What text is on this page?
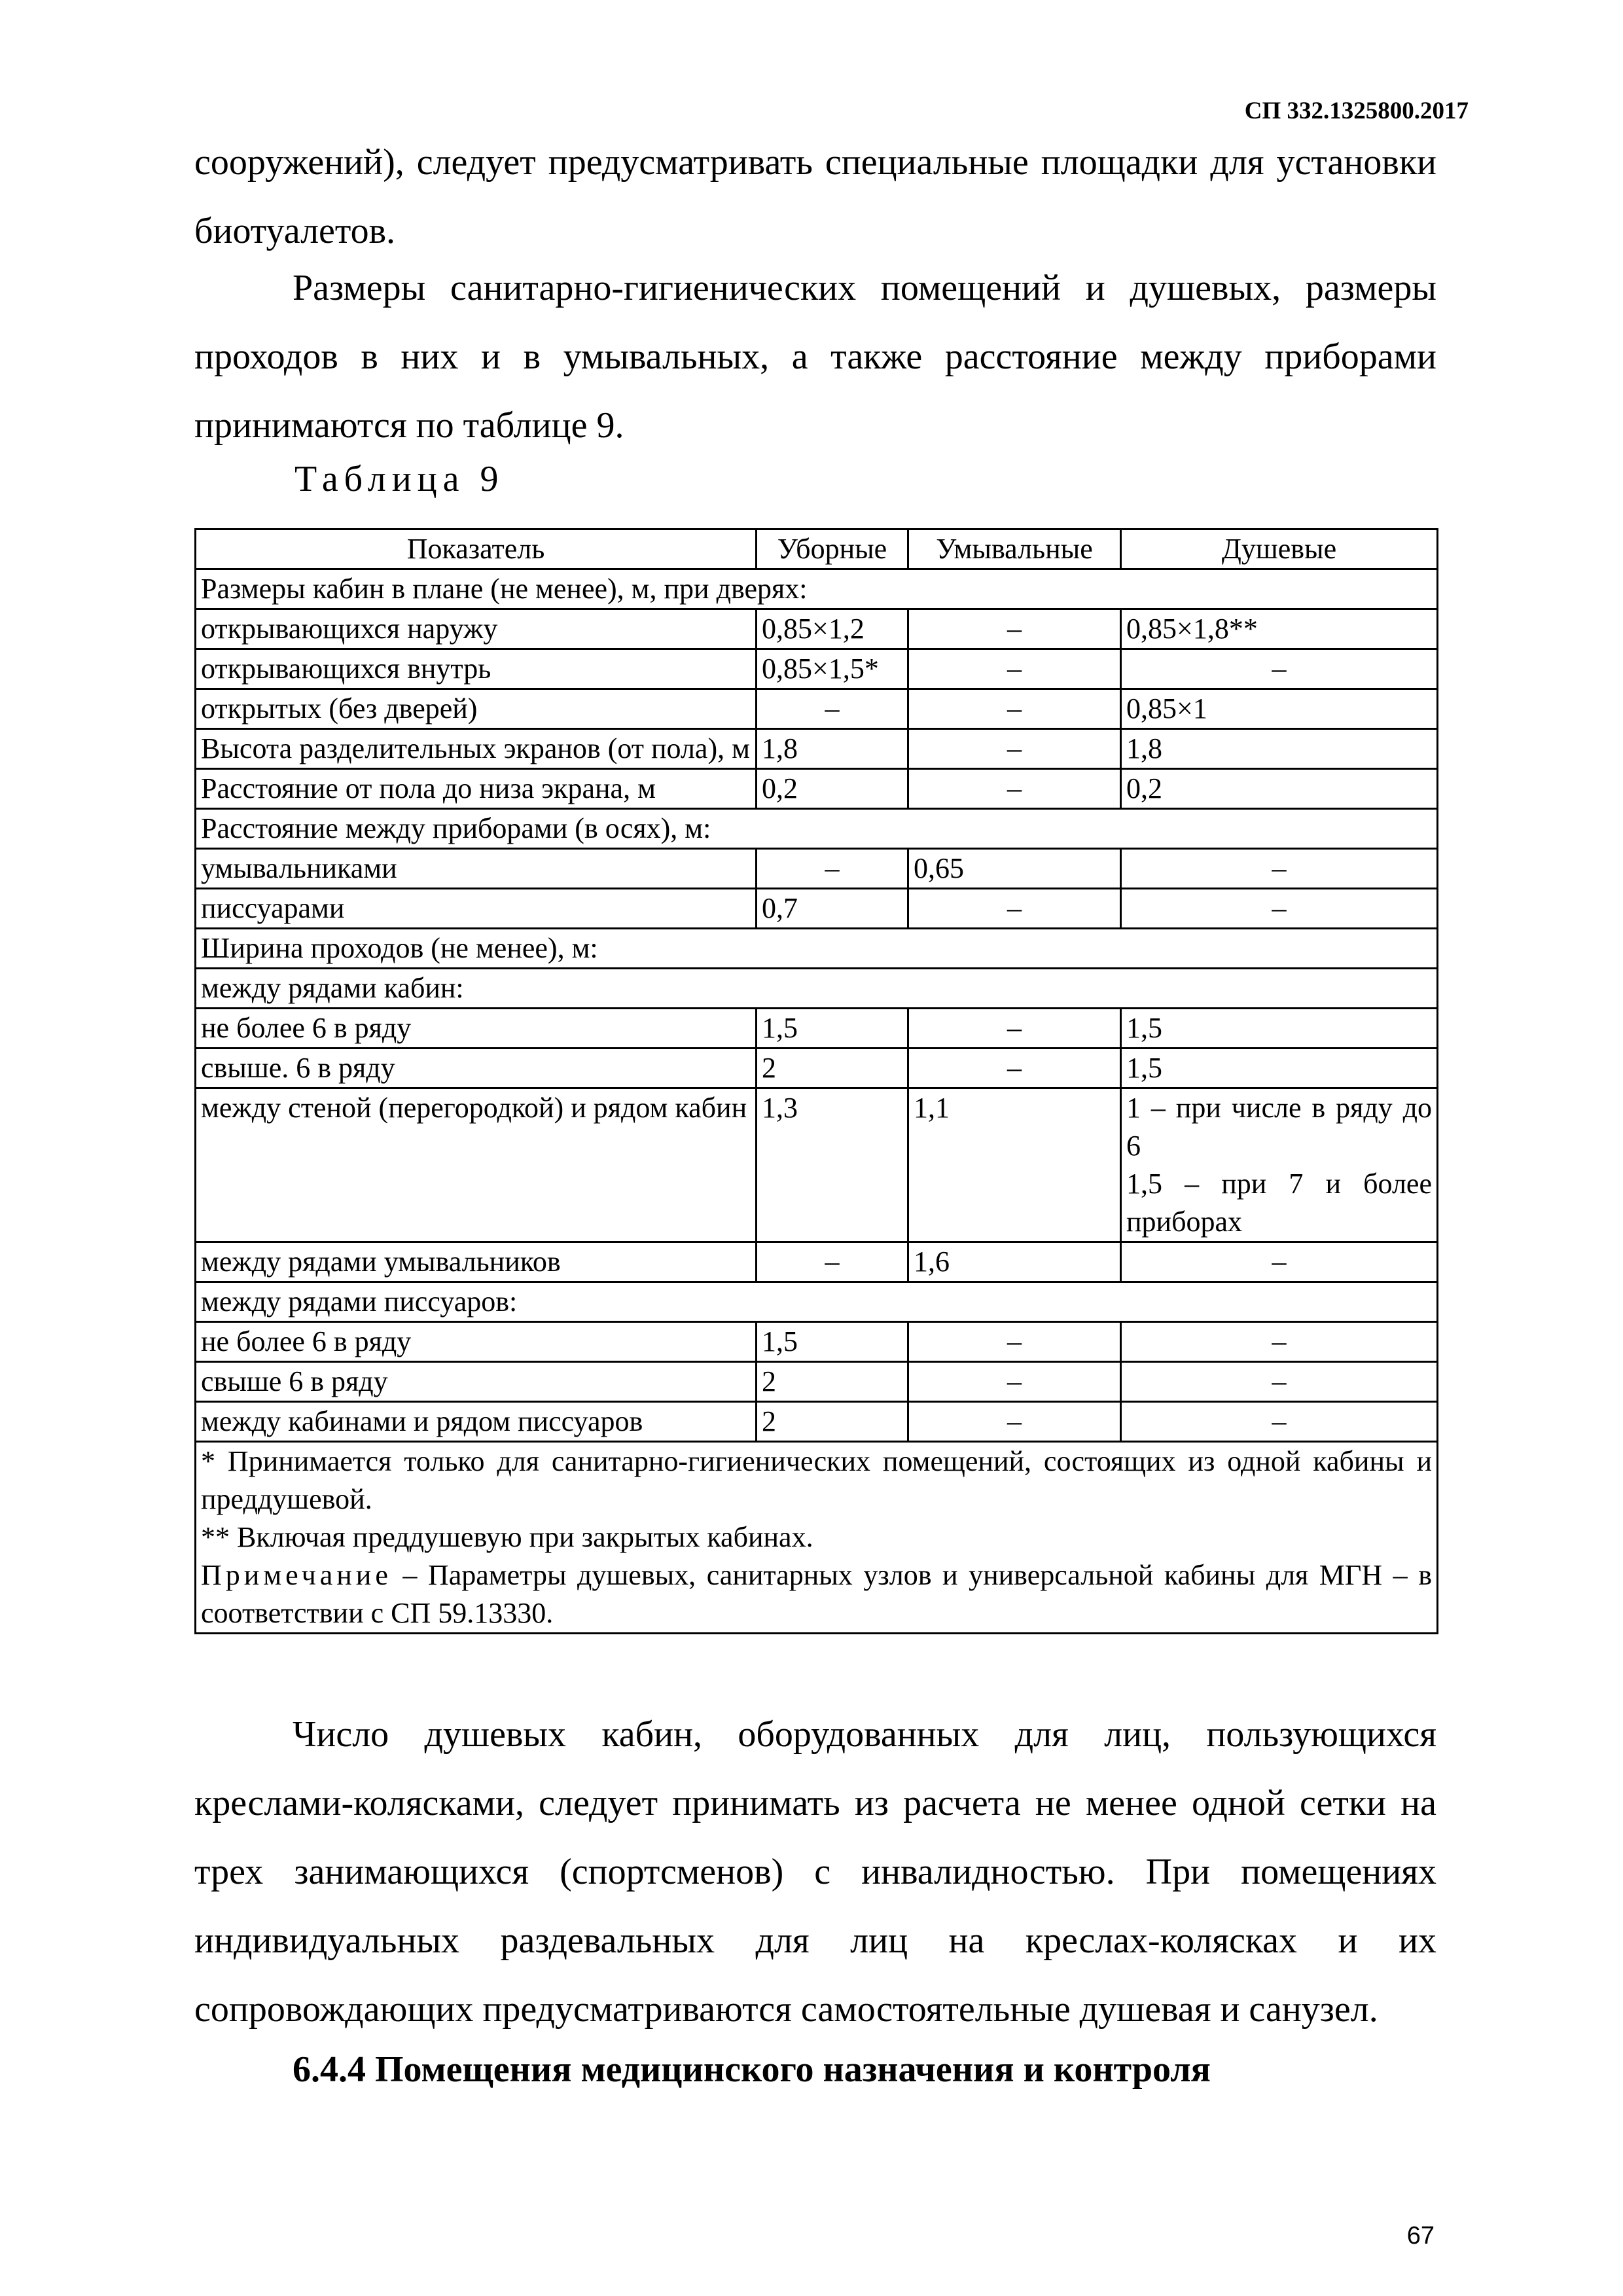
СП 332.1325800.2017

сооружений), следует предусматривать специальные площадки для установки биотуалетов.

Размеры санитарно-гигиенических помещений и душевых, размеры проходов в них и в умывальных, а также расстояние между приборами принимаются по таблице 9.

Таблица 9
Показатель	Уборные	Умывальные	Душевые
Размеры кабин в плане (не менее), м, при дверях:			
открывающихся наружу	0,85×1,2	–	0,85×1,8**
открывающихся внутрь	0,85×1,5*	–	–
открытых (без дверей)	–	–	0,85×1
Высота разделительных экранов (от пола), м	1,8	–	1,8
Расстояние от пола до низа экрана, м	0,2	–	0,2
Расстояние между приборами (в осях), м:			
умывальниками	–	0,65	–
писсуарами	0,7	–	–
Ширина проходов (не менее), м:			
между рядами кабин:			
не более 6 в ряду	1,5	–	1,5
свыше. 6 в ряду	2	–	1,5
между стеной (перегородкой) и рядом кабин	1,3	1,1	1 – при числе в ряду до 6
1,5 – при 7 и более приборах

между рядами умывальников	–	1,6	–
между рядами писсуаров:			
не более 6 в ряду	1,5	–	–
свыше 6 в ряду	2	–	–
между кабинами и рядом писсуаров	2	–	–

* Принимается только для санитарно-гигиенических помещений, состоящих из одной кабины и преддушевой.
** Включая преддушевую при закрытых кабинах.
Примечание – Параметры душевых, санитарных узлов и универсальной кабины для МГН – в соответствии с СП 59.13330.			

Число душевых кабин, оборудованных для лиц, пользующихся креслами-колясками, следует принимать из расчета не менее одной сетки на трех занимающихся (спортсменов) с инвалидностью. При помещениях индивидуальных раздевальных для лиц на креслах-колясках и их сопровождающих предусматриваются самостоятельные душевая и санузел.

6.4.4 Помещения медицинского назначения и контроля
67
